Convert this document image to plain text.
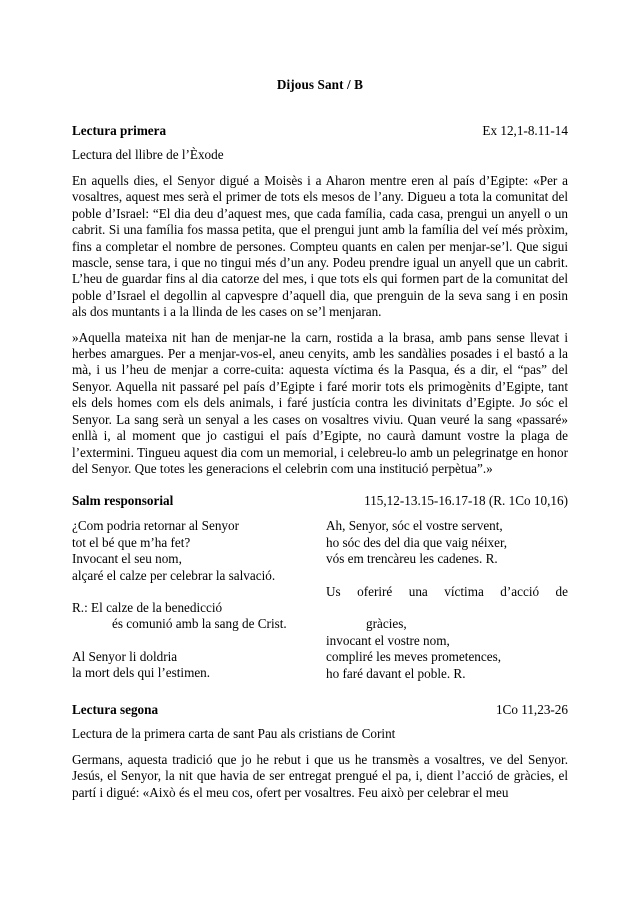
Dijous Sant / B
Lectura primera	Ex 12,1-8.11-14
Lectura del llibre de l’Èxode

En aquells dies, el Senyor digué a Moisès i a Aharon mentre eren al país d’Egipte: «Per a vosaltres, aquest mes serà el primer de tots els mesos de l’any. Digueu a tota la comunitat del poble d’Israel: “El dia deu d’aquest mes, que cada família, cada casa, prengui un anyell o un cabrit. Si una família fos massa petita, que el prengui junt amb la família del veí més pròxim, fins a completar el nombre de persones. Compteu quants en calen per menjar-se’l. Que sigui mascle, sense tara, i que no tingui més d’un any. Podeu prendre igual un anyell que un cabrit. L’heu de guardar fins al dia catorze del mes, i que tots els qui formen part de la comunitat del poble d’Israel el degollin al capvespre d’aquell dia, que prenguin de la seva sang i en posin als dos muntants i a la llinda de les cases on se’l menjaran.

»Aquella mateixa nit han de menjar-ne la carn, rostida a la brasa, amb pans sense llevat i herbes amargues. Per a menjar-vos-el, aneu cenyits, amb les sandàlies posades i el bastó a la mà, i us l’heu de menjar a corre-cuita: aquesta víctima és la Pasqua, és a dir, el “pas” del Senyor. Aquella nit passaré pel país d’Egipte i faré morir tots els primogènits d’Egipte, tant els dels homes com els dels animals, i faré justícia contra les divinitats d’Egipte. Jo sóc el Senyor. La sang serà un senyal a les cases on vosaltres viviu. Quan veuré la sang «passaré» enllà i, al moment que jo castigui el país d’Egipte, no caurà damunt vostre la plaga de l’extermini. Tingueu aquest dia com un memorial, i celebreu-lo amb un pelegrinatge en honor del Senyor. Que totes les generacions el celebrin com una institució perpètua”.»

Salm responsorial	115,12-13.15-16.17-18 (R. 1Co 10,16)
¿Com podria retornar al Senyor
tot el bé que m’ha fet?
Invocant el seu nom,
alçaré el calze per celebrar la salvació.
R.: El calze de la benedicció
és comunió amb la sang de Crist.
Al Senyor li doldria
la mort dels qui l’estimen.
Ah, Senyor, sóc el vostre servent,
ho sóc des del dia que vaig néixer,
vós em trencàreu les cadenes. R.
Us oferiré una víctima d’acció de
gràcies,
invocant el vostre nom,
compliré les meves prometences,
ho faré davant el poble. R.
Lectura segona	1Co 11,23-26
Lectura de la primera carta de sant Pau als cristians de Corint

Germans, aquesta tradició que jo he rebut i que us he transmès a vosaltres, ve del Senyor. Jesús, el Senyor, la nit que havia de ser entregat prengué el pa, i, dient l’acció de gràcies, el partí i digué: «Això és el meu cos, ofert per vosaltres. Feu això per celebrar el meu
